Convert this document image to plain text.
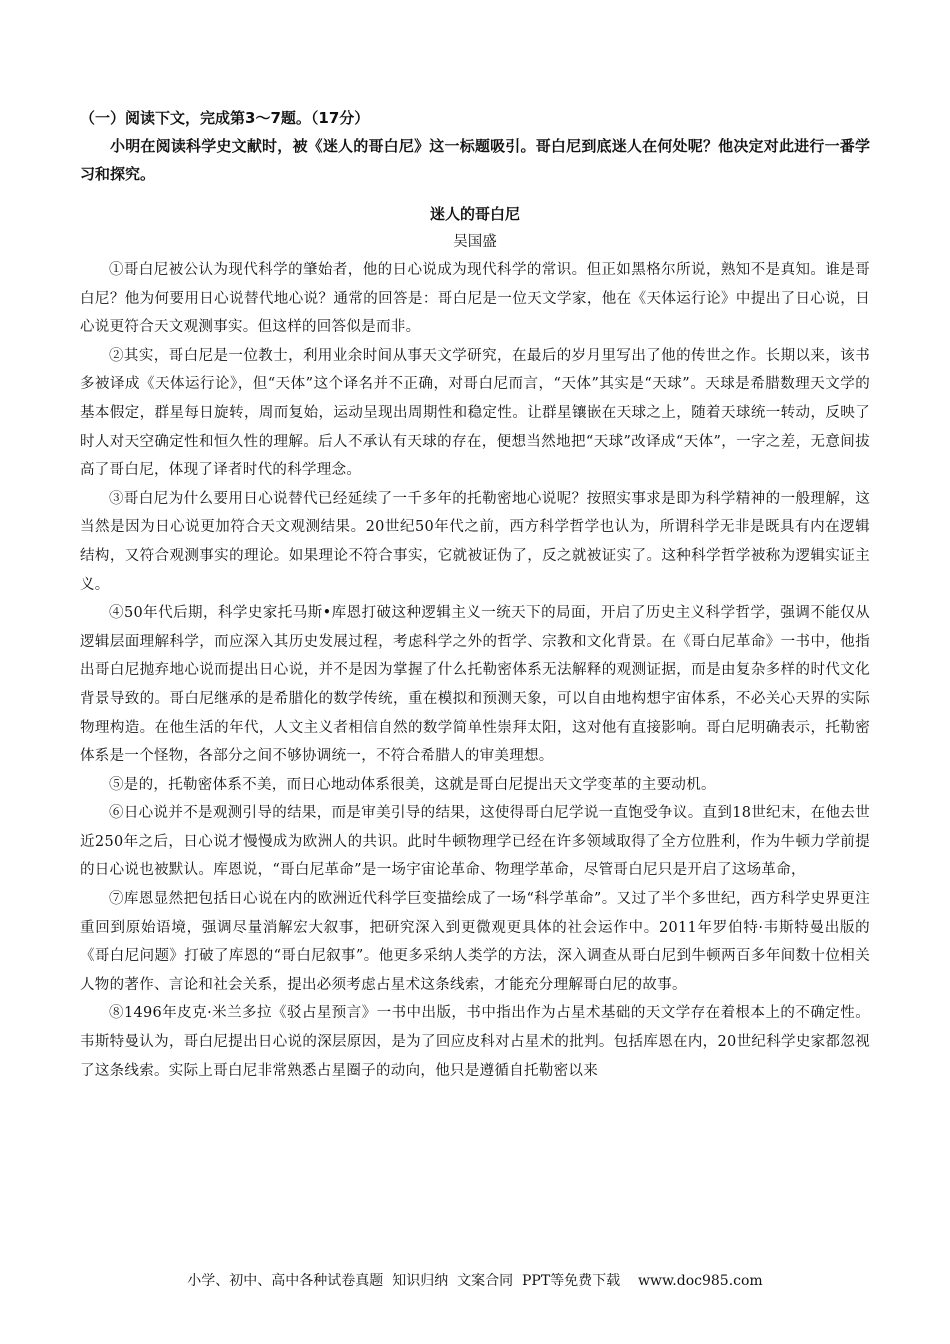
（一）阅读下文，完成第3～7题。（17分）

小明在阅读科学史文献时，被《迷人的哥白尼》这一标题吸引。哥白尼到底迷人在何处呢？他决定对此进行一番学习和探究。

迷人的哥白尼

吴国盛

①哥白尼被公认为现代科学的肇始者，他的日心说成为现代科学的常识。但正如黑格尔所说，熟知不是真知。谁是哥白尼？他为何要用日心说替代地心说？通常的回答是：哥白尼是一位天文学家，他在《天体运行论》中提出了日心说，日心说更符合天文观测事实。但这样的回答似是而非。

②其实，哥白尼是一位教士，利用业余时间从事天文学研究，在最后的岁月里写出了他的传世之作。长期以来，该书多被译成《天体运行论》，但“天体”这个译名并不正确，对哥白尼而言，“天体”其实是“天球”。天球是希腊数理天文学的基本假定，群星每日旋转，周而复始，运动呈现出周期性和稳定性。让群星镶嵌在天球之上，随着天球统一转动，反映了时人对天空确定性和恒久性的理解。后人不承认有天球的存在，便想当然地把“天球”改译成“天体”，一字之差，无意间拔高了哥白尼，体现了译者时代的科学理念。

③哥白尼为什么要用日心说替代已经延续了一千多年的托勒密地心说呢？按照实事求是即为科学精神的一般理解，这当然是因为日心说更加符合天文观测结果。20世纪50年代之前，西方科学哲学也认为，所谓科学无非是既具有内在逻辑结构，又符合观测事实的理论。如果理论不符合事实，它就被证伪了，反之就被证实了。这种科学哲学被称为逻辑实证主义。

④50年代后期，科学史家托马斯•库恩打破这种逻辑主义一统天下的局面，开启了历史主义科学哲学，强调不能仅从逻辑层面理解科学，而应深入其历史发展过程，考虑科学之外的哲学、宗教和文化背景。在《哥白尼革命》一书中，他指出哥白尼抛弃地心说而提出日心说，并不是因为掌握了什么托勒密体系无法解释的观测证据，而是由复杂多样的时代文化背景导致的。哥白尼继承的是希腊化的数学传统，重在模拟和预测天象，可以自由地构想宇宙体系，不必关心天界的实际物理构造。在他生活的年代，人文主义者相信自然的数学简单性崇拜太阳，这对他有直接影响。哥白尼明确表示，托勒密体系是一个怪物，各部分之间不够协调统一，不符合希腊人的审美理想。

⑤是的，托勒密体系不美，而日心地动体系很美，这就是哥白尼提出天文学变革的主要动机。

⑥日心说并不是观测引导的结果，而是审美引导的结果，这使得哥白尼学说一直饱受争议。直到18世纪末，在他去世近250年之后，日心说才慢慢成为欧洲人的共识。此时牛顿物理学已经在许多领域取得了全方位胜利，作为牛顿力学前提的日心说也被默认。库恩说，“哥白尼革命”是一场宇宙论革命、物理学革命，尽管哥白尼只是开启了这场革命，

⑦库恩显然把包括日心说在内的欧洲近代科学巨变描绘成了一场“科学革命”。又过了半个多世纪，西方科学史界更注重回到原始语境，强调尽量消解宏大叙事，把研究深入到更微观更具体的社会运作中。2011年罗伯特·韦斯特曼出版的《哥白尼问题》打破了库恩的“哥白尼叙事”。他更多采纳人类学的方法，深入调查从哥白尼到牛顿两百多年间数十位相关人物的著作、言论和社会关系，提出必须考虑占星术这条线索，才能充分理解哥白尼的故事。

⑧1496年皮克·米兰多拉《驳占星预言》一书中出版，书中指出作为占星术基础的天文学存在着根本上的不确定性。韦斯特曼认为，哥白尼提出日心说的深层原因，是为了回应皮科对占星术的批判。包括库恩在内，20世纪科学史家都忽视了这条线索。实际上哥白尼非常熟悉占星圈子的动向，他只是遵循自托勒密以来

小学、初中、高中各种试卷真题  知识归纳  文案合同  PPT等免费下载 www.doc985.com
